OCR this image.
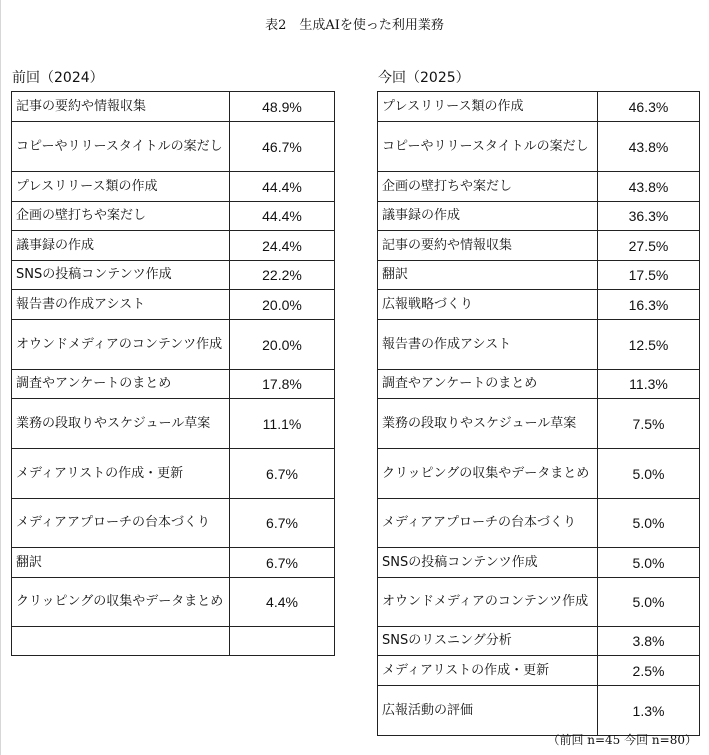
表2　生成AIを使った利用業務
前回（2024）	今回（2025）
記事の要約や情報収集	48.9%
コピーやリリースタイトルの案だし	46.7%
プレスリリース類の作成	44.4%
企画の壁打ちや案だし	44.4%
議事録の作成	24.4%
SNSの投稿コンテンツ作成	22.2%
報告書の作成アシスト	20.0%
オウンドメディアのコンテンツ作成	20.0%
調査やアンケートのまとめ	17.8%
業務の段取りやスケジュール草案	11.1%
メディアリストの作成・更新	6.7%
メディアアプローチの台本づくり	6.7%
翻訳	6.7%
クリッピングの収集やデータまとめ	4.4%

プレスリリース類の作成	46.3%
コピーやリリースタイトルの案だし	43.8%
企画の壁打ちや案だし	43.8%
議事録の作成	36.3%
記事の要約や情報収集	27.5%
翻訳	17.5%
広報戦略づくり	16.3%
報告書の作成アシスト	12.5%
調査やアンケートのまとめ	11.3%
業務の段取りやスケジュール草案	7.5%
クリッピングの収集やデータまとめ	5.0%
メディアアプローチの台本づくり	5.0%
SNSの投稿コンテンツ作成	5.0%
オウンドメディアのコンテンツ作成	5.0%
SNSのリスニング分析	3.8%
メディアリストの作成・更新	2.5%
広報活動の評価	1.3%
（前回 n=45 今回 n=80）
